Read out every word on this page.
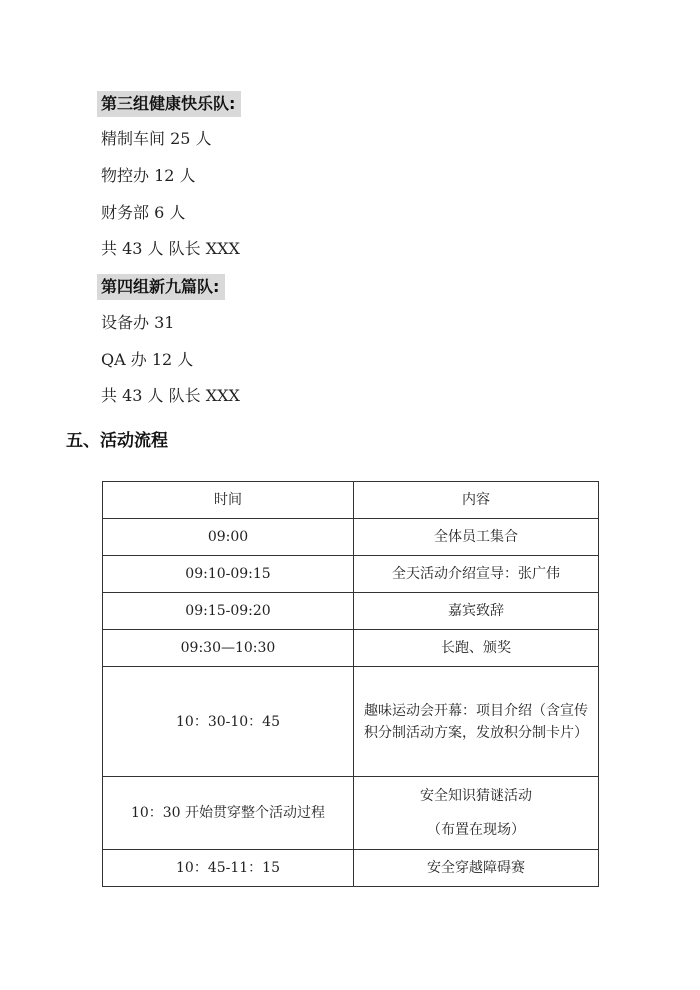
第三组健康快乐队:
精制车间 25 人
物控办 12 人
财务部 6 人
共 43 人 队长 XXX
第四组新九篇队:
设备办 31
QA 办 12 人
共 43 人 队长 XXX
五、活动流程
时间	内容
09:00	全体员工集合
09:10-09:15	全天活动介绍宣导：张广伟
09:15-09:20	嘉宾致辞
09:30—10:30	长跑、颁奖
10：30-10：45	趣味运动会开幕：项目介绍（含宣传积分制活动方案，发放积分制卡片）
10：30 开始贯穿整个活动过程	安全知识猜谜活动
（布置在现场）

10：45-11：15	安全穿越障碍赛
